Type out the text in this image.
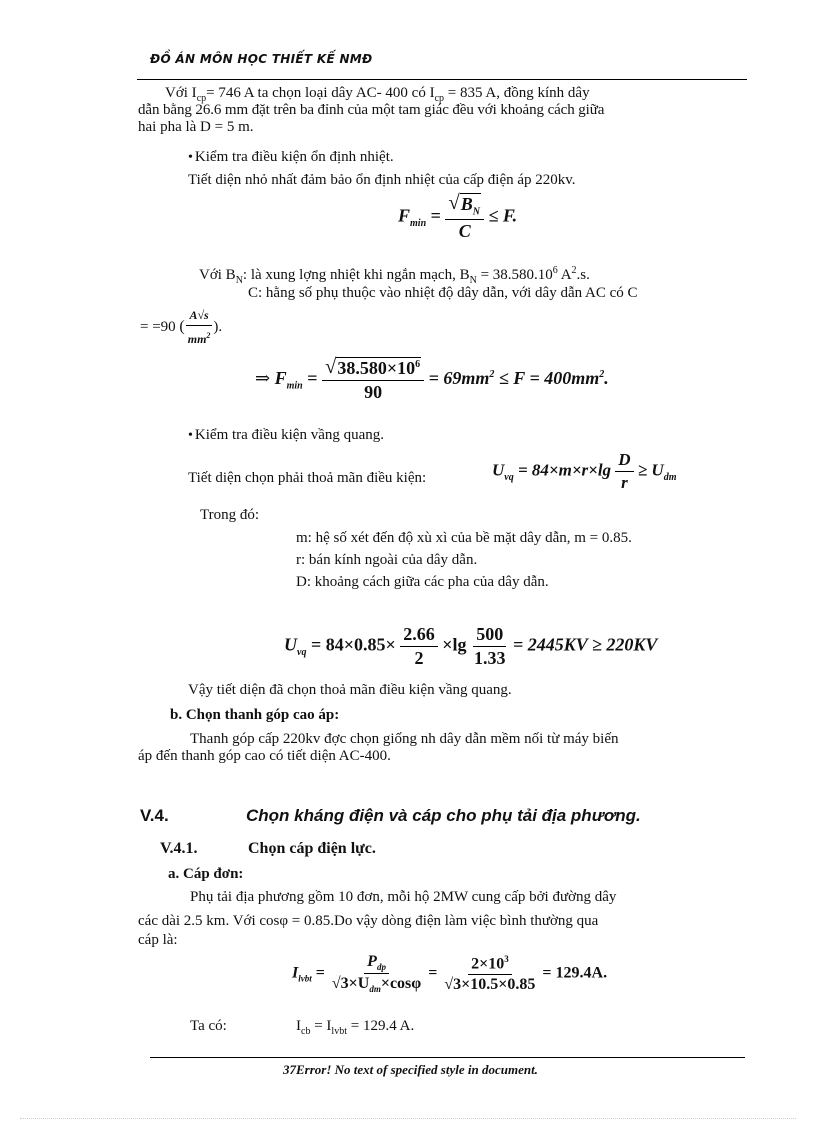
ĐỒ ÁN MÔN HỌC THIẾT KẾ NMĐ
Với $I_{cp}= 746$ A ta chọn loại dây AC- 400 có $I_{cp} = 835$ A, đồng kính dây
dẫn bằng 26.6 mm đặt trên ba đỉnh của một tam giác đều với khoảng cách giữa
hai pha là D = 5 m.
• Kiểm tra điều kiện ổn định nhiệt.
Tiết diện nhỏ nhất đảm bảo ổn định nhiệt của cấp điện áp 220kv.
$F_{min} = \frac{√ B_N}{C} \le F$.
Với $B_N$: là xung lợng nhiệt khi ngắn mạch, $B_N = 38.580.10^6$ $A^2.s$.
C: hằng số phụ thuộc vào nhiệt độ dây dẫn, với dây dẫn AC có C
= =90 ( $\frac{A√s}{mm^2}$ ).
⇒ $F_{min} = \frac{√ 38.580\times 10^6}{90} = 69mm^2 \le F = 400mm^2$.
• Kiểm tra điều kiện vầng quang.
Tiết diện chọn phải thoả mãn điều kiện:	$U_{vq} = 84\times m\times r\times\lg \frac{D}{r} \ge U_{dm}$
Trong đó:
m: hệ số xét đến độ xù xì của bề mặt dây dẫn, m = 0.85.
r: bán kính ngoài của dây dẫn.
D: khoảng cách giữa các pha của dây dẫn.
$U_{vq} = 84\times 0.85\times \frac{2.66}{2} \times\lg \frac{500}{1.33} = 2445KV \ge 220KV$
Vậy tiết diện đã chọn thoả mãn điều kiện vầng quang.
b. Chọn thanh góp cao áp:
Thanh góp cấp 220kv đợc chọn giống nh dây dẫn mềm nối từ máy biến
áp đến thanh góp cao có tiết diện AC-400.
V.4.	Chọn kháng điện và cáp cho phụ tải địa phương.
V.4.1.	Chọn cáp điện lực.
a. Cáp đơn:
Phụ tải địa phương gồm 10 đơn, mỗi hộ 2MW cung cấp bởi đường dây
các dài 2.5 km. Với cosφ = 0.85.Do vậy dòng điện làm việc bình thường qua
cáp là:
$I_{lvbt} = \frac{P_{dp}}{√3\times U_{dm}\times\cos\varphi} = \frac{2\times 10^3}{√3\times 10.5\times 0.85} = 129.4A$.
Ta có:	$I_{cb} = I_{lvbt} = 129.4$ A.
37Error! No text of specified style in document.
